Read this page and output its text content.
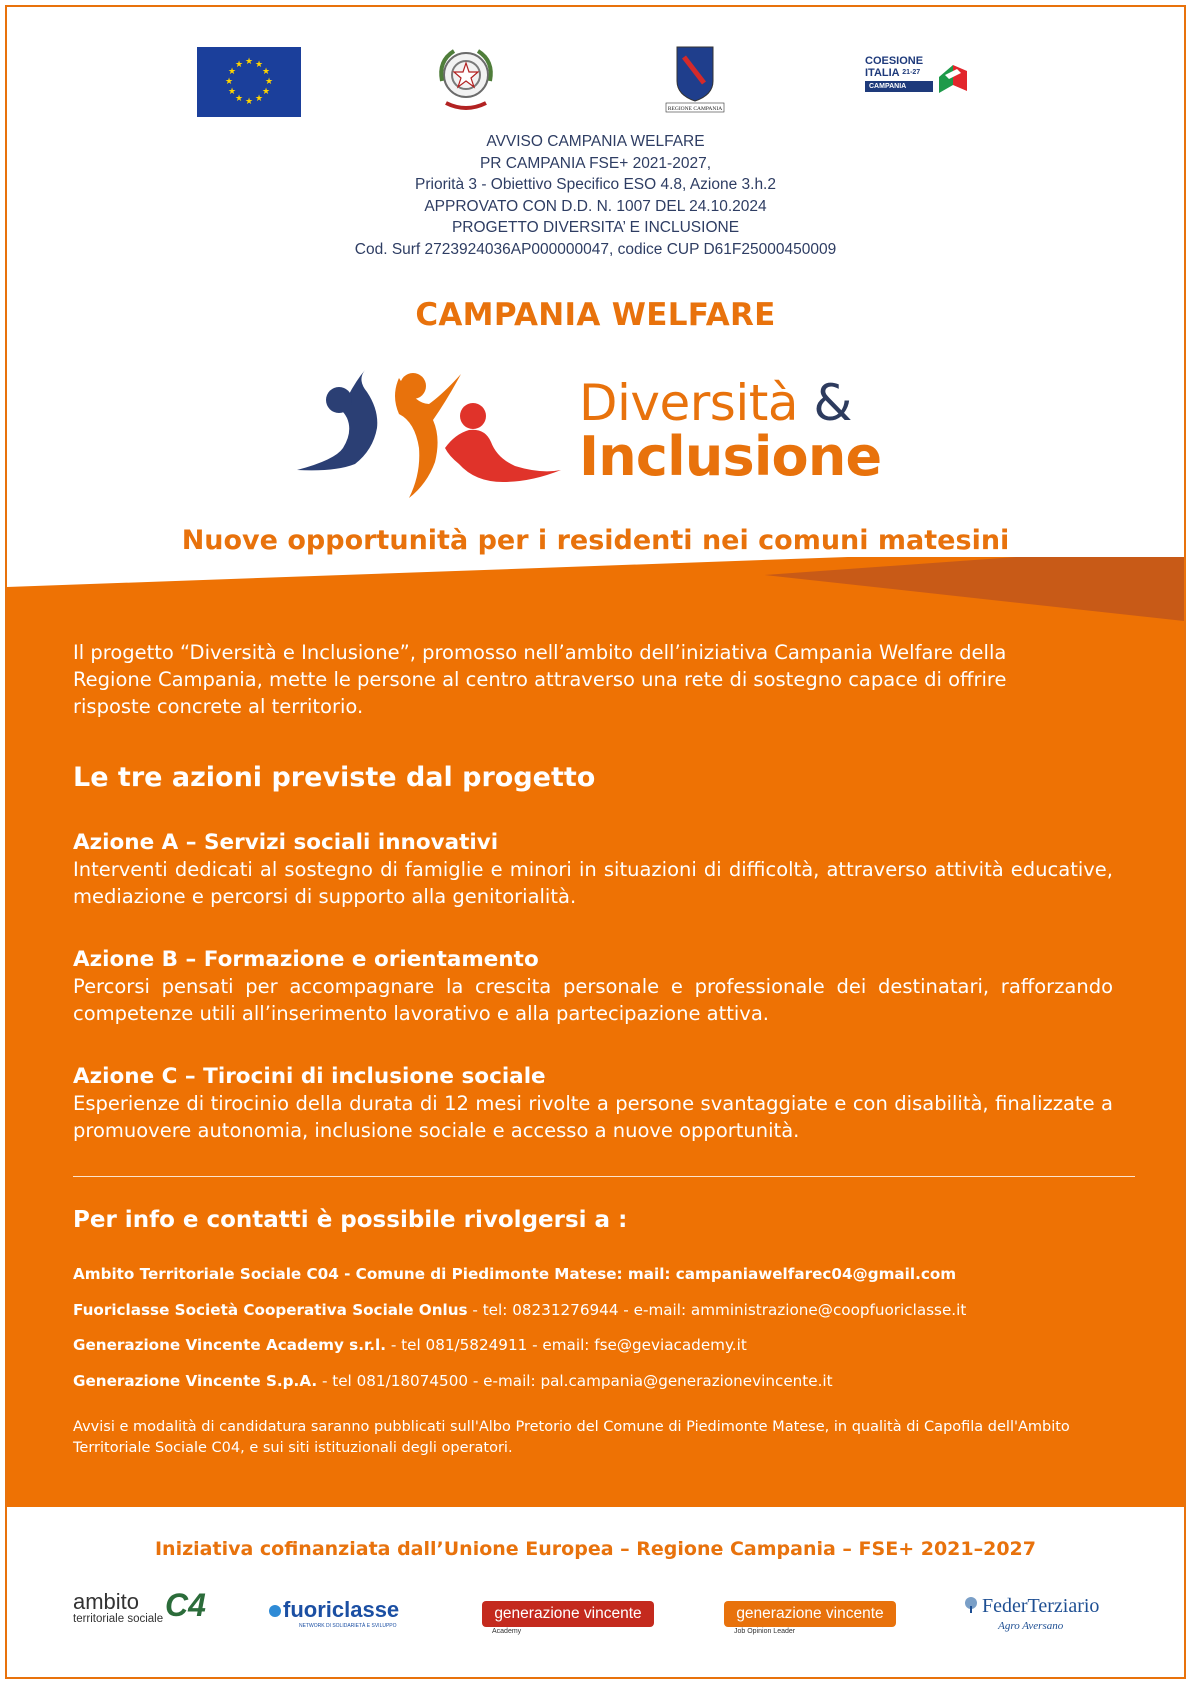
★ ★
★
★
★
★
★
★
★
★
★
★
REGIONE CAMPANIA
COESIONE
ITALIA $^{21-27}$
CAMPANIA
AVVISO CAMPANIA WELFARE
PR CAMPANIA FSE+ 2021-2027,
Priorità 3 - Obiettivo Specifico ESO 4.8, Azione 3.h.2
APPROVATO CON D.D. N. 1007 DEL 24.10.2024
PROGETTO DIVERSITA’ E INCLUSIONE
Cod. Surf 2723924036AP000000047, codice CUP D61F25000450009
CAMPANIA WELFARE
Diversità &
Inclusione
Nuove opportunità per i residenti nei comuni matesini
Il progetto “Diversità e Inclusione”, promosso nell’ambito dell’iniziativa Campania Welfare della Regione Campania, mette le persone al centro attraverso una rete di sostegno capace di offrire risposte concrete al territorio.
Le tre azioni previste dal progetto
Azione A – Servizi sociali innovativi
Interventi dedicati al sostegno di famiglie e minori in situazioni di difficoltà, attraverso attività educative, mediazione e percorsi di supporto alla genitorialità.
Azione B – Formazione e orientamento
Percorsi pensati per accompagnare la crescita personale e professionale dei destinatari, rafforzando competenze utili all’inserimento lavorativo e alla partecipazione attiva.
Azione C – Tirocini di inclusione sociale
Esperienze di tirocinio della durata di 12 mesi rivolte a persone svantaggiate e con disabilità, finalizzate a promuovere autonomia, inclusione sociale e accesso a nuove opportunità.
Per info e contatti è possibile rivolgersi a :
Ambito Territoriale Sociale C04 - Comune di Piedimonte Matese: mail: campaniawelfarec04@gmail.com
Fuoriclasse Società Cooperativa Sociale Onlus - tel: 08231276944 - e-mail: amministrazione@coopfuoriclasse.it
Generazione Vincente Academy s.r.l. - tel 081/5824911 - email: fse@geviacademy.it
Generazione Vincente S.p.A. - tel 081/18074500 - e-mail: pal.campania@generazionevincente.it
Avvisi e modalità di candidatura saranno pubblicati sull'Albo Pretorio del Comune di Piedimonte Matese, in qualità di Capofila dell'Ambito Territoriale Sociale C04, e sui siti istituzionali degli operatori.
Iniziativa cofinanziata dall’Unione Europea – Regione Campania – FSE+ 2021–2027
ambito C4
territoriale sociale	fuoriclasse
NETWORK DI SOLIDARIETÀ E SVILUPPO
generazione vincente
Academy
generazione vincente
Job Opinion Leader
FederTerziario
Agro Aversano
